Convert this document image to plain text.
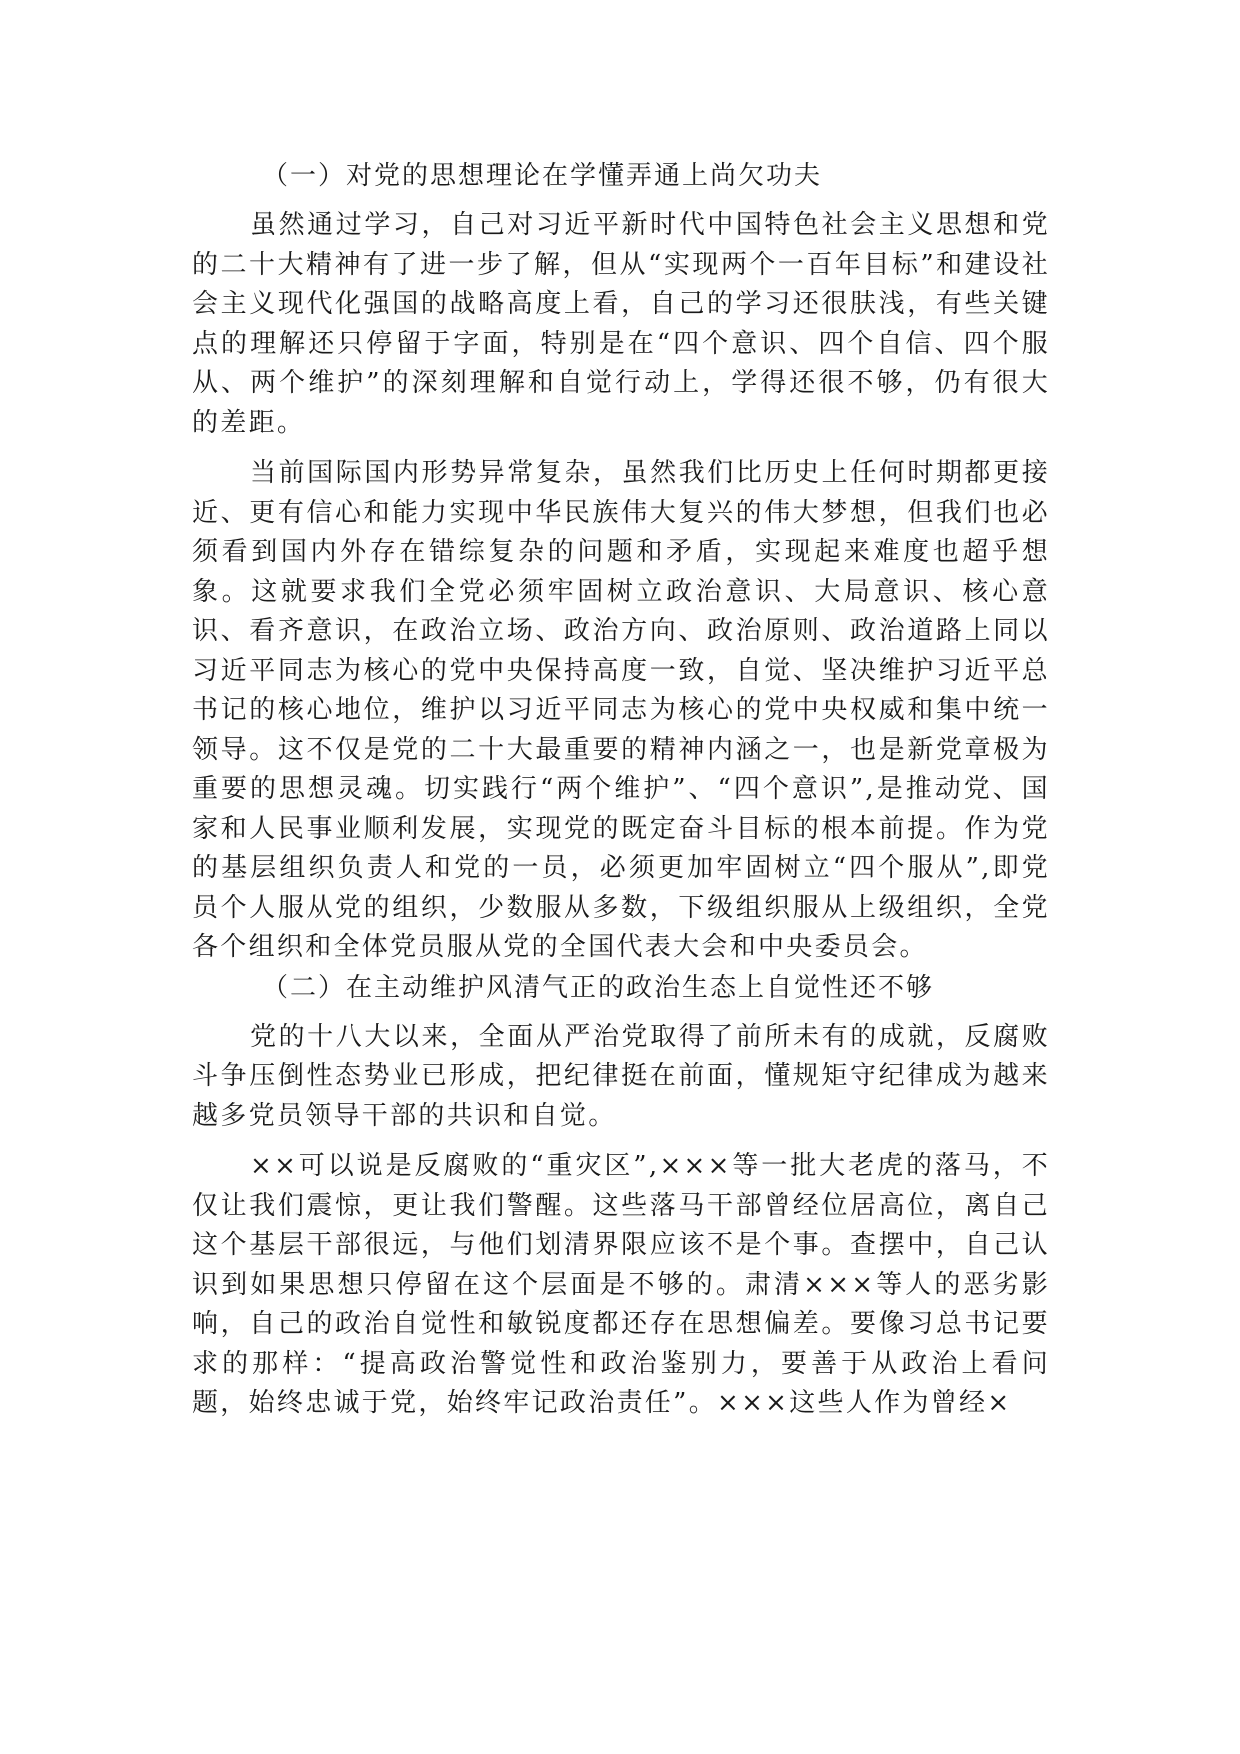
（一）对党的思想理论在学懂弄通上尚欠功夫

虽然通过学习，自己对习近平新时代中国特色社会主义思想和党的二十大精神有了进一步了解，但从“实现两个一百年目标”和建设社会主义现代化强国的战略高度上看，自己的学习还很肤浅，有些关键点的理解还只停留于字面，特别是在“四个意识、四个自信、四个服从、两个维护”的深刻理解和自觉行动上，学得还很不够，仍有很大的差距。

当前国际国内形势异常复杂，虽然我们比历史上任何时期都更接近、更有信心和能力实现中华民族伟大复兴的伟大梦想，但我们也必须看到国内外存在错综复杂的问题和矛盾，实现起来难度也超乎想象。这就要求我们全党必须牢固树立政治意识、大局意识、核心意识、看齐意识，在政治立场、政治方向、政治原则、政治道路上同以习近平同志为核心的党中央保持高度一致，自觉、坚决维护习近平总书记的核心地位，维护以习近平同志为核心的党中央权威和集中统一领导。这不仅是党的二十大最重要的精神内涵之一，也是新党章极为重要的思想灵魂。切实践行“两个维护”、“四个意识”,是推动党、国家和人民事业顺利发展，实现党的既定奋斗目标的根本前提。作为党的基层组织负责人和党的一员，必须更加牢固树立“四个服从”,即党员个人服从党的组织，少数服从多数，下级组织服从上级组织，全党各个组织和全体党员服从党的全国代表大会和中央委员会。

（二）在主动维护风清气正的政治生态上自觉性还不够

党的十八大以来，全面从严治党取得了前所未有的成就，反腐败斗争压倒性态势业已形成，把纪律挺在前面，懂规矩守纪律成为越来越多党员领导干部的共识和自觉。

××可以说是反腐败的“重灾区”,×××等一批大老虎的落马，不仅让我们震惊，更让我们警醒。这些落马干部曾经位居高位，离自己这个基层干部很远，与他们划清界限应该不是个事。查摆中，自己认识到如果思想只停留在这个层面是不够的。肃清×××等人的恶劣影响，自己的政治自觉性和敏锐度都还存在思想偏差。要像习总书记要求的那样：“提高政治警觉性和政治鉴别力，要善于从政治上看问题，始终忠诚于党，始终牢记政治责任”。×××这些人作为曾经×
